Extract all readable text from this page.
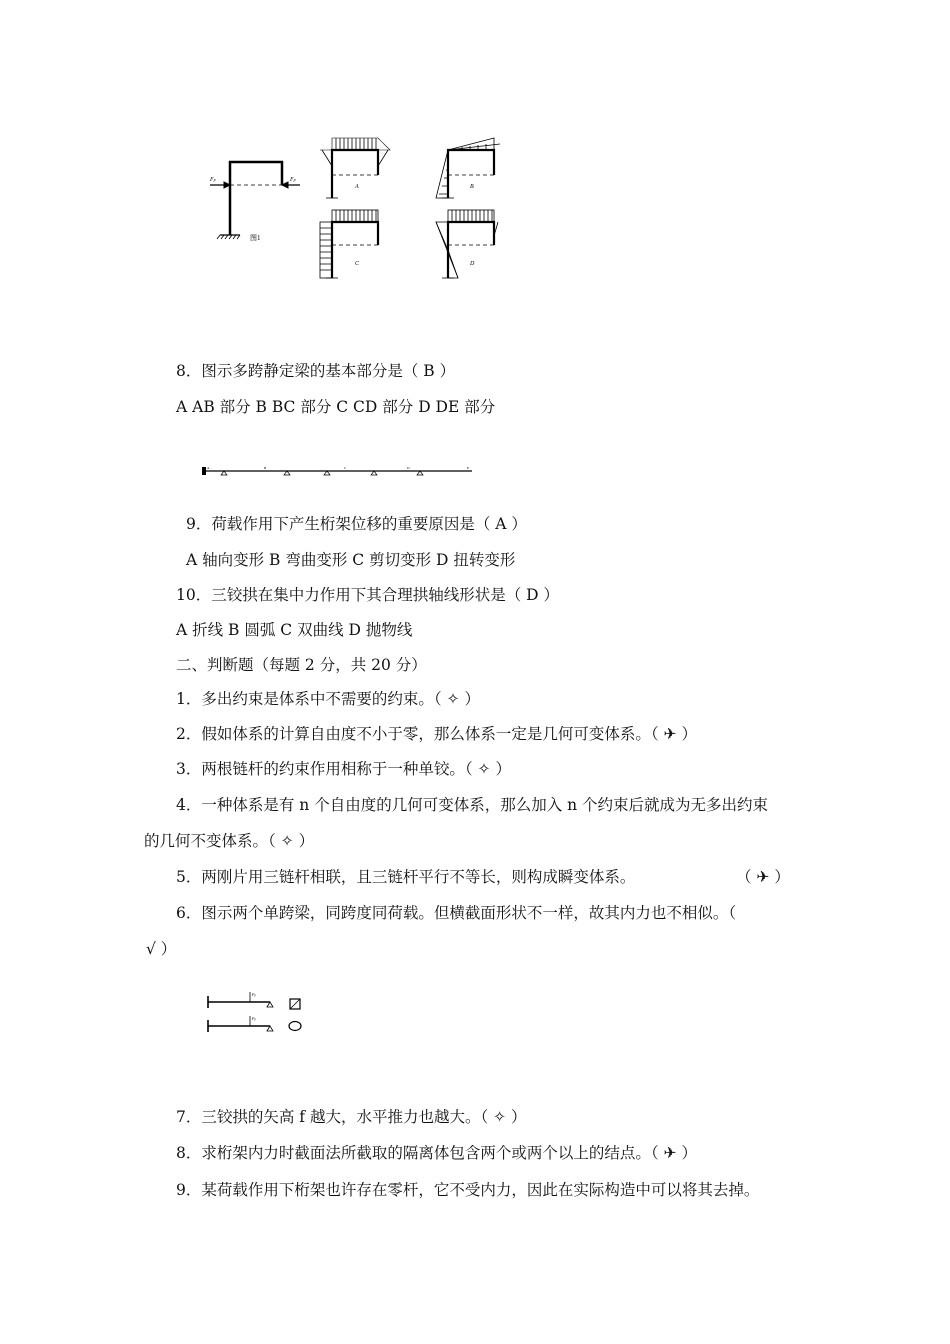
Fp	Fp
图1
A	B
C	D
8．图示多跨静定梁的基本部分是（ B ）
A AB 部分 B BC 部分 C CD 部分 D DE 部分
A	B	C	D	E
9．荷载作用下产生桁架位移的重要原因是（ A ）
A 轴向变形 B 弯曲变形 C 剪切变形 D 扭转变形
10．三铰拱在集中力作用下其合理拱轴线形状是（ D ）
A 折线 B 圆弧 C 双曲线 D 抛物线
二、判断题（每题 2 分，共 20 分）
1．多出约束是体系中不需要的约束。（ ✧ ）
2．假如体系的计算自由度不小于零，那么体系一定是几何可变体系。（ ✈ ）
3．两根链杆的约束作用相称于一种单铰。（ ✧ ）
4．一种体系是有 n 个自由度的几何可变体系，那么加入 n 个约束后就成为无多出约束
的几何不变体系。（ ✧ ）
5．两刚片用三链杆相联，且三链杆平行不等长，则构成瞬变体系。	（ ✈ ）
6．图示两个单跨梁，同跨度同荷载。但横截面形状不一样，故其内力也不相似。（
√ ）
Fp
Fp
7．三铰拱的矢高 f 越大，水平推力也越大。（ ✧ ）
8．求桁架内力时截面法所截取的隔离体包含两个或两个以上的结点。（ ✈ ）
9．某荷载作用下桁架也许存在零杆，它不受内力，因此在实际构造中可以将其去掉。
